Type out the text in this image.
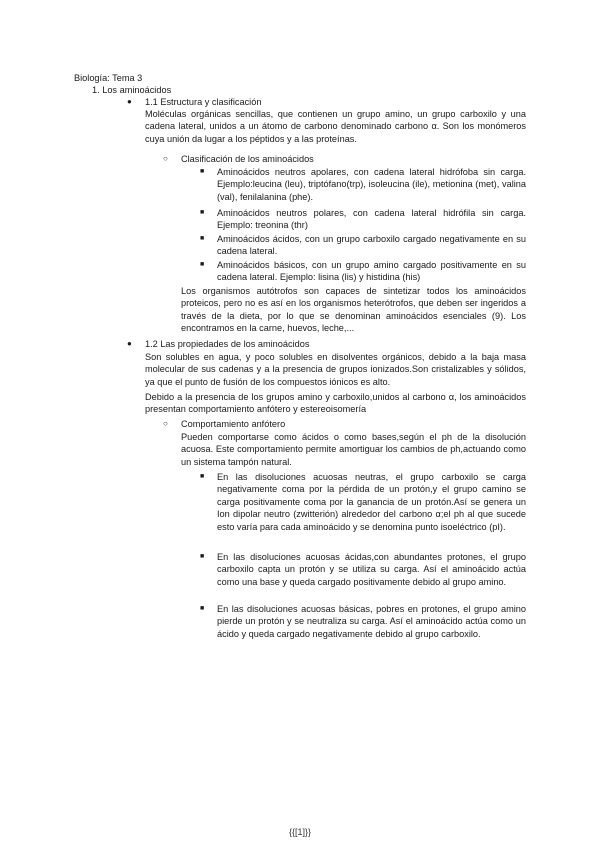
Biología: Tema 3
1. Los aminoácidos
● 1.1 Estructura y clasificación
Moléculas orgánicas sencillas, que contienen un grupo amino, un grupo carboxilo y una cadena lateral, unidos a un átomo de carbono denominado carbono α. Son los monómeros cuya unión da lugar a los péptidos y a las proteínas.
○ Clasificación de los aminoácidos
■ Aminoácidos neutros apolares, con cadena lateral hidrófoba sin carga. Ejemplo:leucina (leu), triptófano(trp), isoleucina (ile), metionina (met), valina (val), fenilalanina (phe).
■ Aminoácidos neutros polares, con cadena lateral hidrófila sin carga. Ejemplo: treonina (thr)
■ Aminoácidos ácidos, con un grupo carboxilo cargado negativamente en su cadena lateral.
■ Aminoácidos básicos, con un grupo amino cargado positivamente en su cadena lateral. Ejemplo: lisina (lis) y histidina (his)
Los organismos autótrofos son capaces de sintetizar todos los aminoácidos proteicos, pero no es así en los organismos heterótrofos, que deben ser ingeridos a través de la dieta, por lo que se denominan aminoácidos esenciales (9). Los encontramos en la carne, huevos, leche,...
● 1.2 Las propiedades de los aminoácidos
Son solubles en agua, y poco solubles en disolventes orgánicos, debido a la baja masa molecular de sus cadenas y a la presencia de grupos ionizados.Son cristalizables y sólidos, ya que el punto de fusión de los compuestos iónicos es alto.
Debido a la presencia de los grupos amino y carboxilo,unidos al carbono α, los aminoácidos presentan comportamiento anfótero y estereoisomería
○ Comportamiento anfótero
Pueden comportarse como ácidos o como bases,según el ph de la disolución acuosa. Este comportamiento permite amortiguar los cambios de ph,actuando como un sistema tampón natural.
■ En las disoluciones acuosas neutras, el grupo carboxilo se carga negativamente coma por la pérdida de un protón,y el grupo camino se carga positivamente coma por la ganancia de un protón.Así se genera un Ion dipolar neutro (zwitterión) alrededor del carbono α;el ph al que sucede esto varía para cada aminoácido y se denomina punto isoeléctrico (pI).
■ En las disoluciones acuosas ácidas,con abundantes protones, el grupo carboxilo capta un protón y se utiliza su carga. Así el aminoácido actúa como una base y queda cargado positivamente debido al grupo amino.
■ En las disoluciones acuosas básicas, pobres en protones, el grupo amino pierde un protón y se neutraliza su carga. Así el aminoácido actúa como un ácido y queda cargado negativamente debido al grupo carboxilo.
{{[1]}}
